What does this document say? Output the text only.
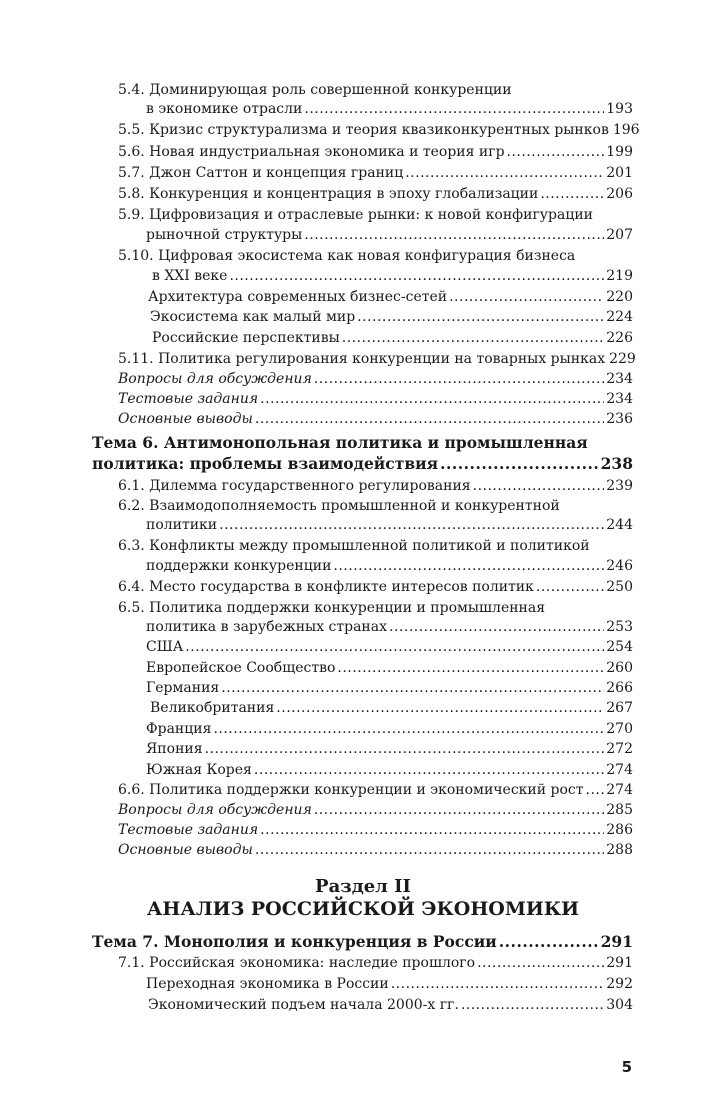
5.4. Доминирующая роль совершенной конкуренции
в экономике отрасли .....	193
5.5. Кризис структурализма и теория квазиконкурентных рынков 196
5.6. Новая индустриальная экономика и теория игр .....	199
5.7. Джон Саттон и концепция границ .....	201
5.8. Конкуренция и концентрация в эпоху глобализации .....	206
5.9. Цифровизация и отраслевые рынки: к новой конфигурации
рыночной структуры .....	207
5.10. Цифровая экосистема как новая конфигурация бизнеса
в XXI веке .....	219
Архитектура современных бизнес-сетей .....	220
Экосистема как малый мир .....	224
Российские перспективы .....	226
5.11. Политика регулирования конкуренции на товарных рынках 229
Вопросы для обсуждения .....	234
Тестовые задания .....	234
Основные выводы .....	236
Тема 6. Антимонопольная политика и промышленная
политика: проблемы взаимодействия .....	238
6.1. Дилемма государственного регулирования .....	239
6.2. Взаимодополняемость промышленной и конкурентной
политики .....	244
6.3. Конфликты между промышленной политикой и политикой
поддержки конкуренции .....	246
6.4. Место государства в конфликте интересов политик .....	250
6.5. Политика поддержки конкуренции и промышленная
политика в зарубежных странах .....	253
США .....	254
Европейское Сообщество .....	260
Германия .....	266
Великобритания .....	267
Франция .....	270
Япония .....	272
Южная Корея .....	274
6.6. Политика поддержки конкуренции и экономический рост ..... 274
Вопросы для обсуждения .....	285
Тестовые задания .....	286
Основные выводы .....	288
Раздел II
АНАЛИЗ РОССИЙСКОЙ ЭКОНОМИКИ
Тема 7. Монополия и конкуренция в России .....	291
7.1. Российская экономика: наследие прошлого .....	291
Переходная экономика в России .....	292
Экономический подъем начала 2000-х гг. .....	304
5
